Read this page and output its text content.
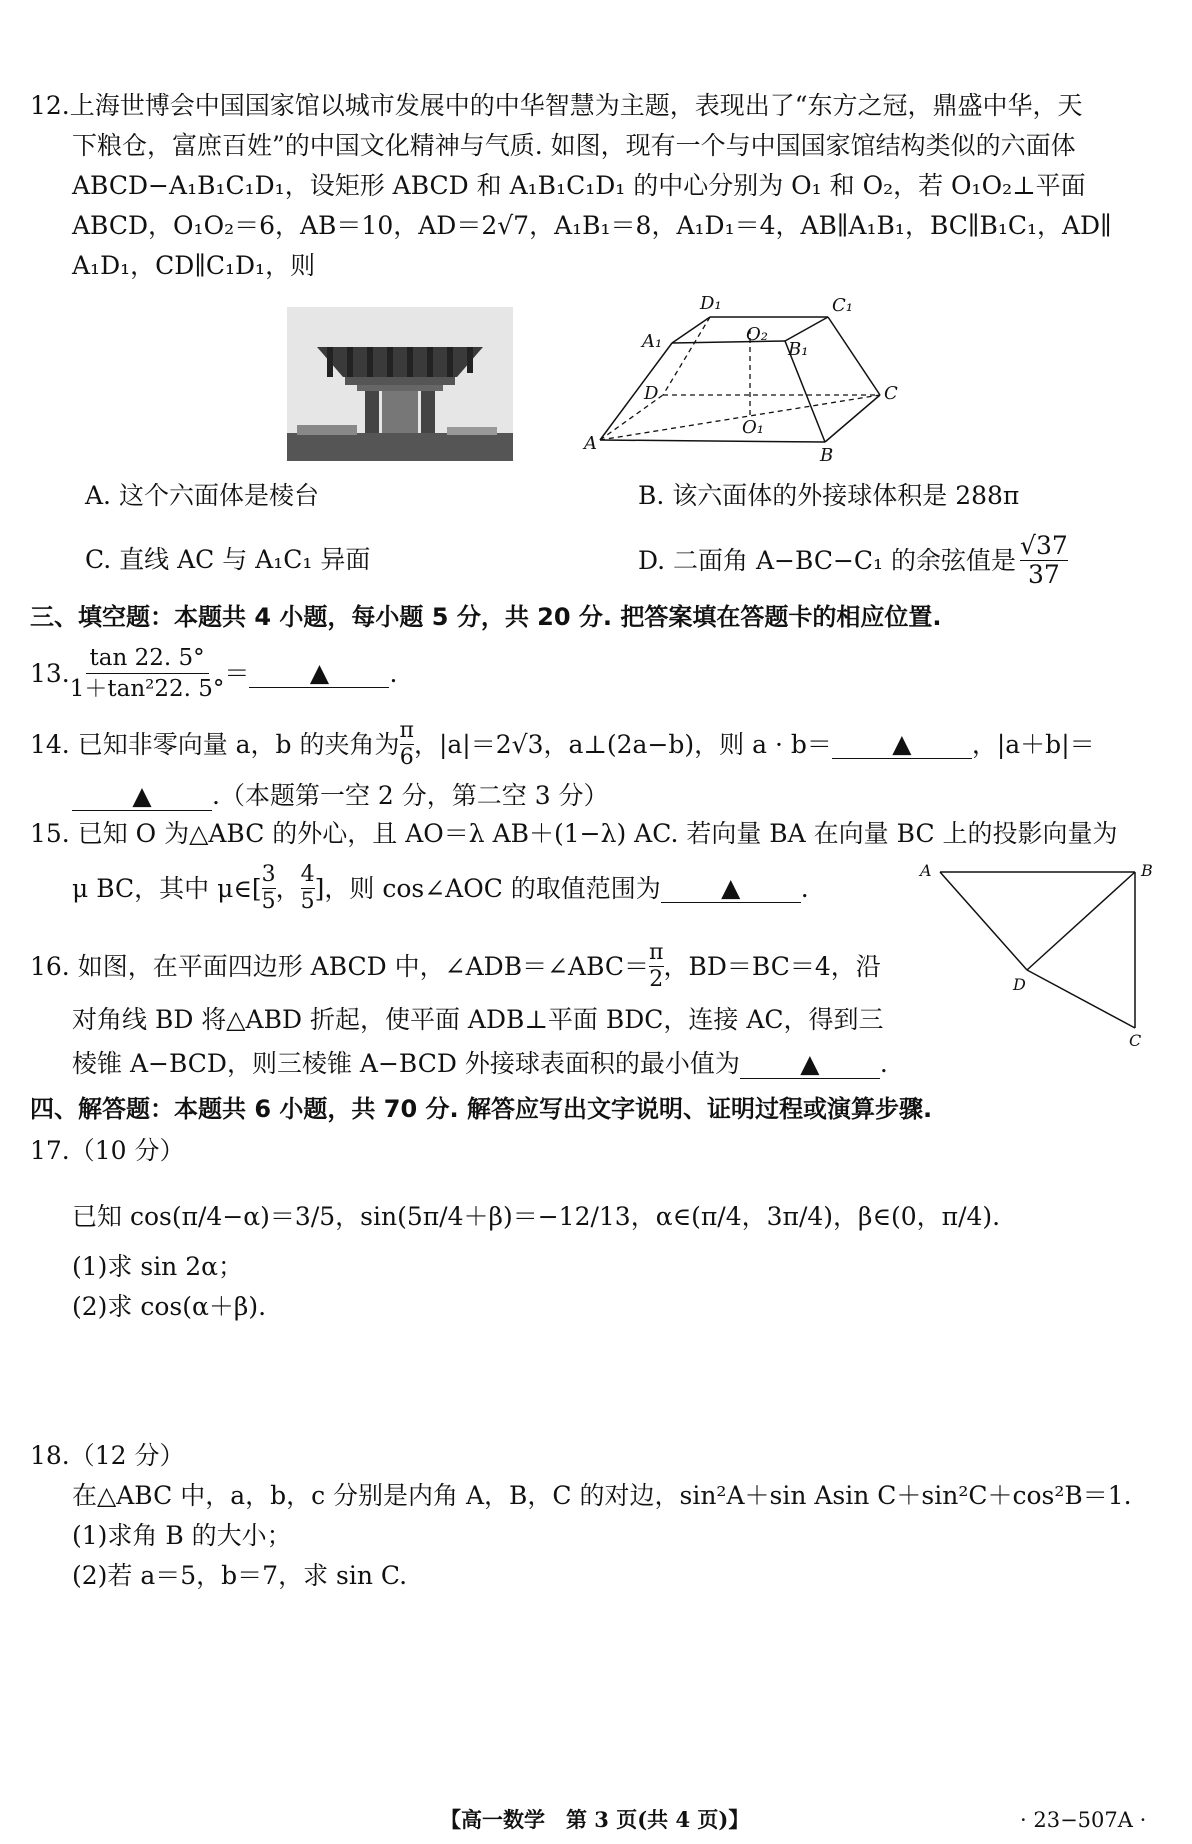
12.上海世博会中国国家馆以城市发展中的中华智慧为主题，表现出了“东方之冠，鼎盛中华，天
下粮仓，富庶百姓”的中国文化精神与气质. 如图，现有一个与中国国家馆结构类似的六面体
ABCD−A₁B₁C₁D₁，设矩形 ABCD 和 A₁B₁C₁D₁ 的中心分别为 O₁ 和 O₂，若 O₁O₂⊥平面
ABCD，O₁O₂＝6，AB＝10，AD＝2√7，A₁B₁＝8，A₁D₁＝4，AB∥A₁B₁，BC∥B₁C₁，AD∥
A₁D₁，CD∥C₁D₁，则
D₁	C₁
A₁	O₂
B₁
D	C
O₁
A
B
A. 这个六面体是棱台	B. 该六面体的外接球体积是 288π
C. 直线 AC 与 A₁C₁ 异面	D. 二面角 A−BC−C₁ 的余弦值是 $\frac{√37}{37}$
三、填空题：本题共 4 小题，每小题 5 分，共 20 分. 把答案填在答题卡的相应位置.
13. $\frac{\tan 22. 5^\circ}{\text{1＋tan²22. 5°}}$ ＝	▲	.
14. 已知非零向量 a，b 的夹角为 $\frac{\pi}{6}$ ，|a|＝2√3，a⊥(2a−b)，则 a · b＝	▲	，|a＋b|＝
▲	.（本题第一空 2 分，第二空 3 分）
15. 已知 O 为△ABC 的外心，且 AO＝λ AB＋(1−λ) AC. 若向量 BA 在向量 BC 上的投影向量为
μ BC，其中 μ∈[ $\frac{3}{5}$ ， $\frac{4}{5}$ ]，则 cos∠AOC 的取值范围为	▲	.
A	B
D
C
16. 如图，在平面四边形 ABCD 中，∠ADB＝∠ABC＝ $\frac{\pi}{2}$ ，BD＝BC＝4，沿
对角线 BD 将△ABD 折起，使平面 ADB⊥平面 BDC，连接 AC，得到三
棱锥 A−BCD，则三棱锥 A−BCD 外接球表面积的最小值为	▲	.
四、解答题：本题共 6 小题，共 70 分. 解答应写出文字说明、证明过程或演算步骤.
17.（10 分）
已知 cos(π/4−α)＝3/5，sin(5π/4＋β)＝−12/13，α∈(π/4，3π/4)，β∈(0，π/4).
(1)求 sin 2α；
(2)求 cos(α＋β).
18.（12 分）
在△ABC 中，a，b，c 分别是内角 A，B，C 的对边，sin²A＋sin Asin C＋sin²C＋cos²B＝1.
(1)求角 B 的大小；
(2)若 a＝5，b＝7，求 sin C.
【高一数学　第 3 页(共 4 页)】	· 23−507A ·
